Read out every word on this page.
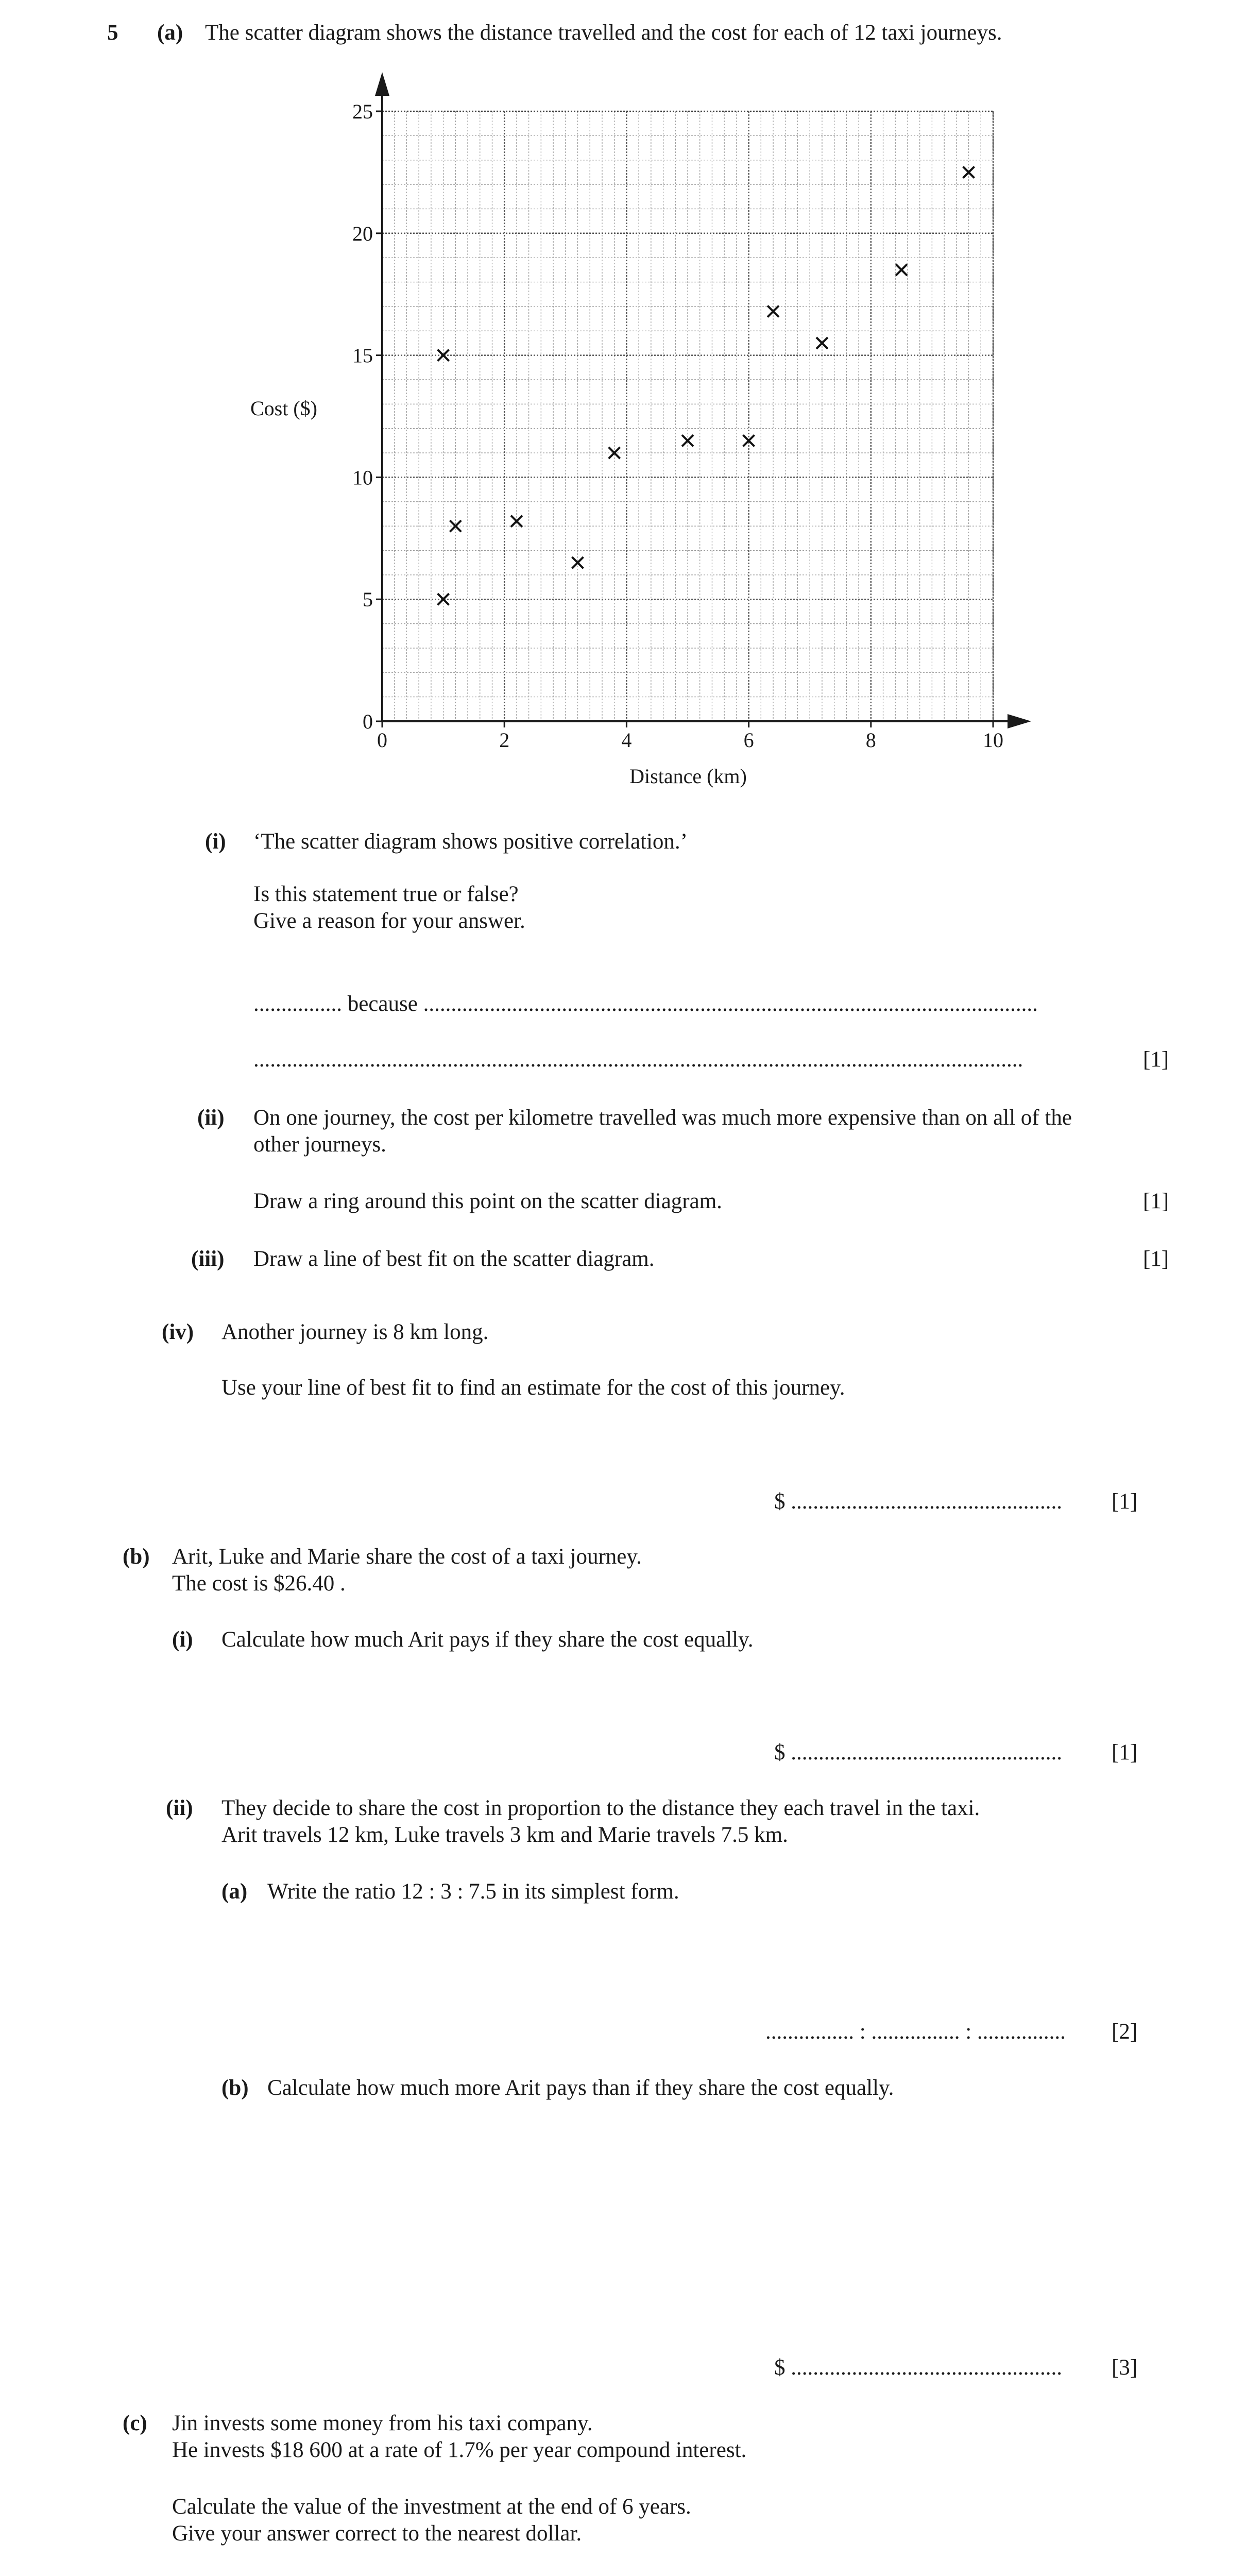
5 (a) The scatter diagram shows the distance travelled and the cost for each of 12 taxi journeys.
0	2	4	6	8	10
0
5
10
15
20
25
Distance (km)
Cost ($)
(i) ‘The scatter diagram shows positive correlation.’
Is this statement true or false?
Give a reason for your answer.
................ because ...............................................................................................................
...........................................................................................................................................	[1]
(ii) On one journey, the cost per kilometre travelled was much more expensive than on all of the
other journeys.
Draw a ring around this point on the scatter diagram.	[1]
(iii) Draw a line of best fit on the scatter diagram.	[1]
(iv) Another journey is 8 km long.
Use your line of best fit to find an estimate for the cost of this journey.
$ ................................................. [1]
(b) Arit, Luke and Marie share the cost of a taxi journey.
The cost is $26.40 .
(i) Calculate how much Arit pays if they share the cost equally.
$ ................................................. [1]
(ii) They decide to share the cost in proportion to the distance they each travel in the taxi.
Arit travels 12 km, Luke travels 3 km and Marie travels 7.5 km.
(a) Write the ratio 12 : 3 : 7.5 in its simplest form.
................ : ................ : ................ [2]
(b) Calculate how much more Arit pays than if they share the cost equally.
$ ................................................. [3]
(c) Jin invests some money from his taxi company.
He invests $18 600 at a rate of 1.7% per year compound interest.
Calculate the value of the investment at the end of 6 years.
Give your answer correct to the nearest dollar.
